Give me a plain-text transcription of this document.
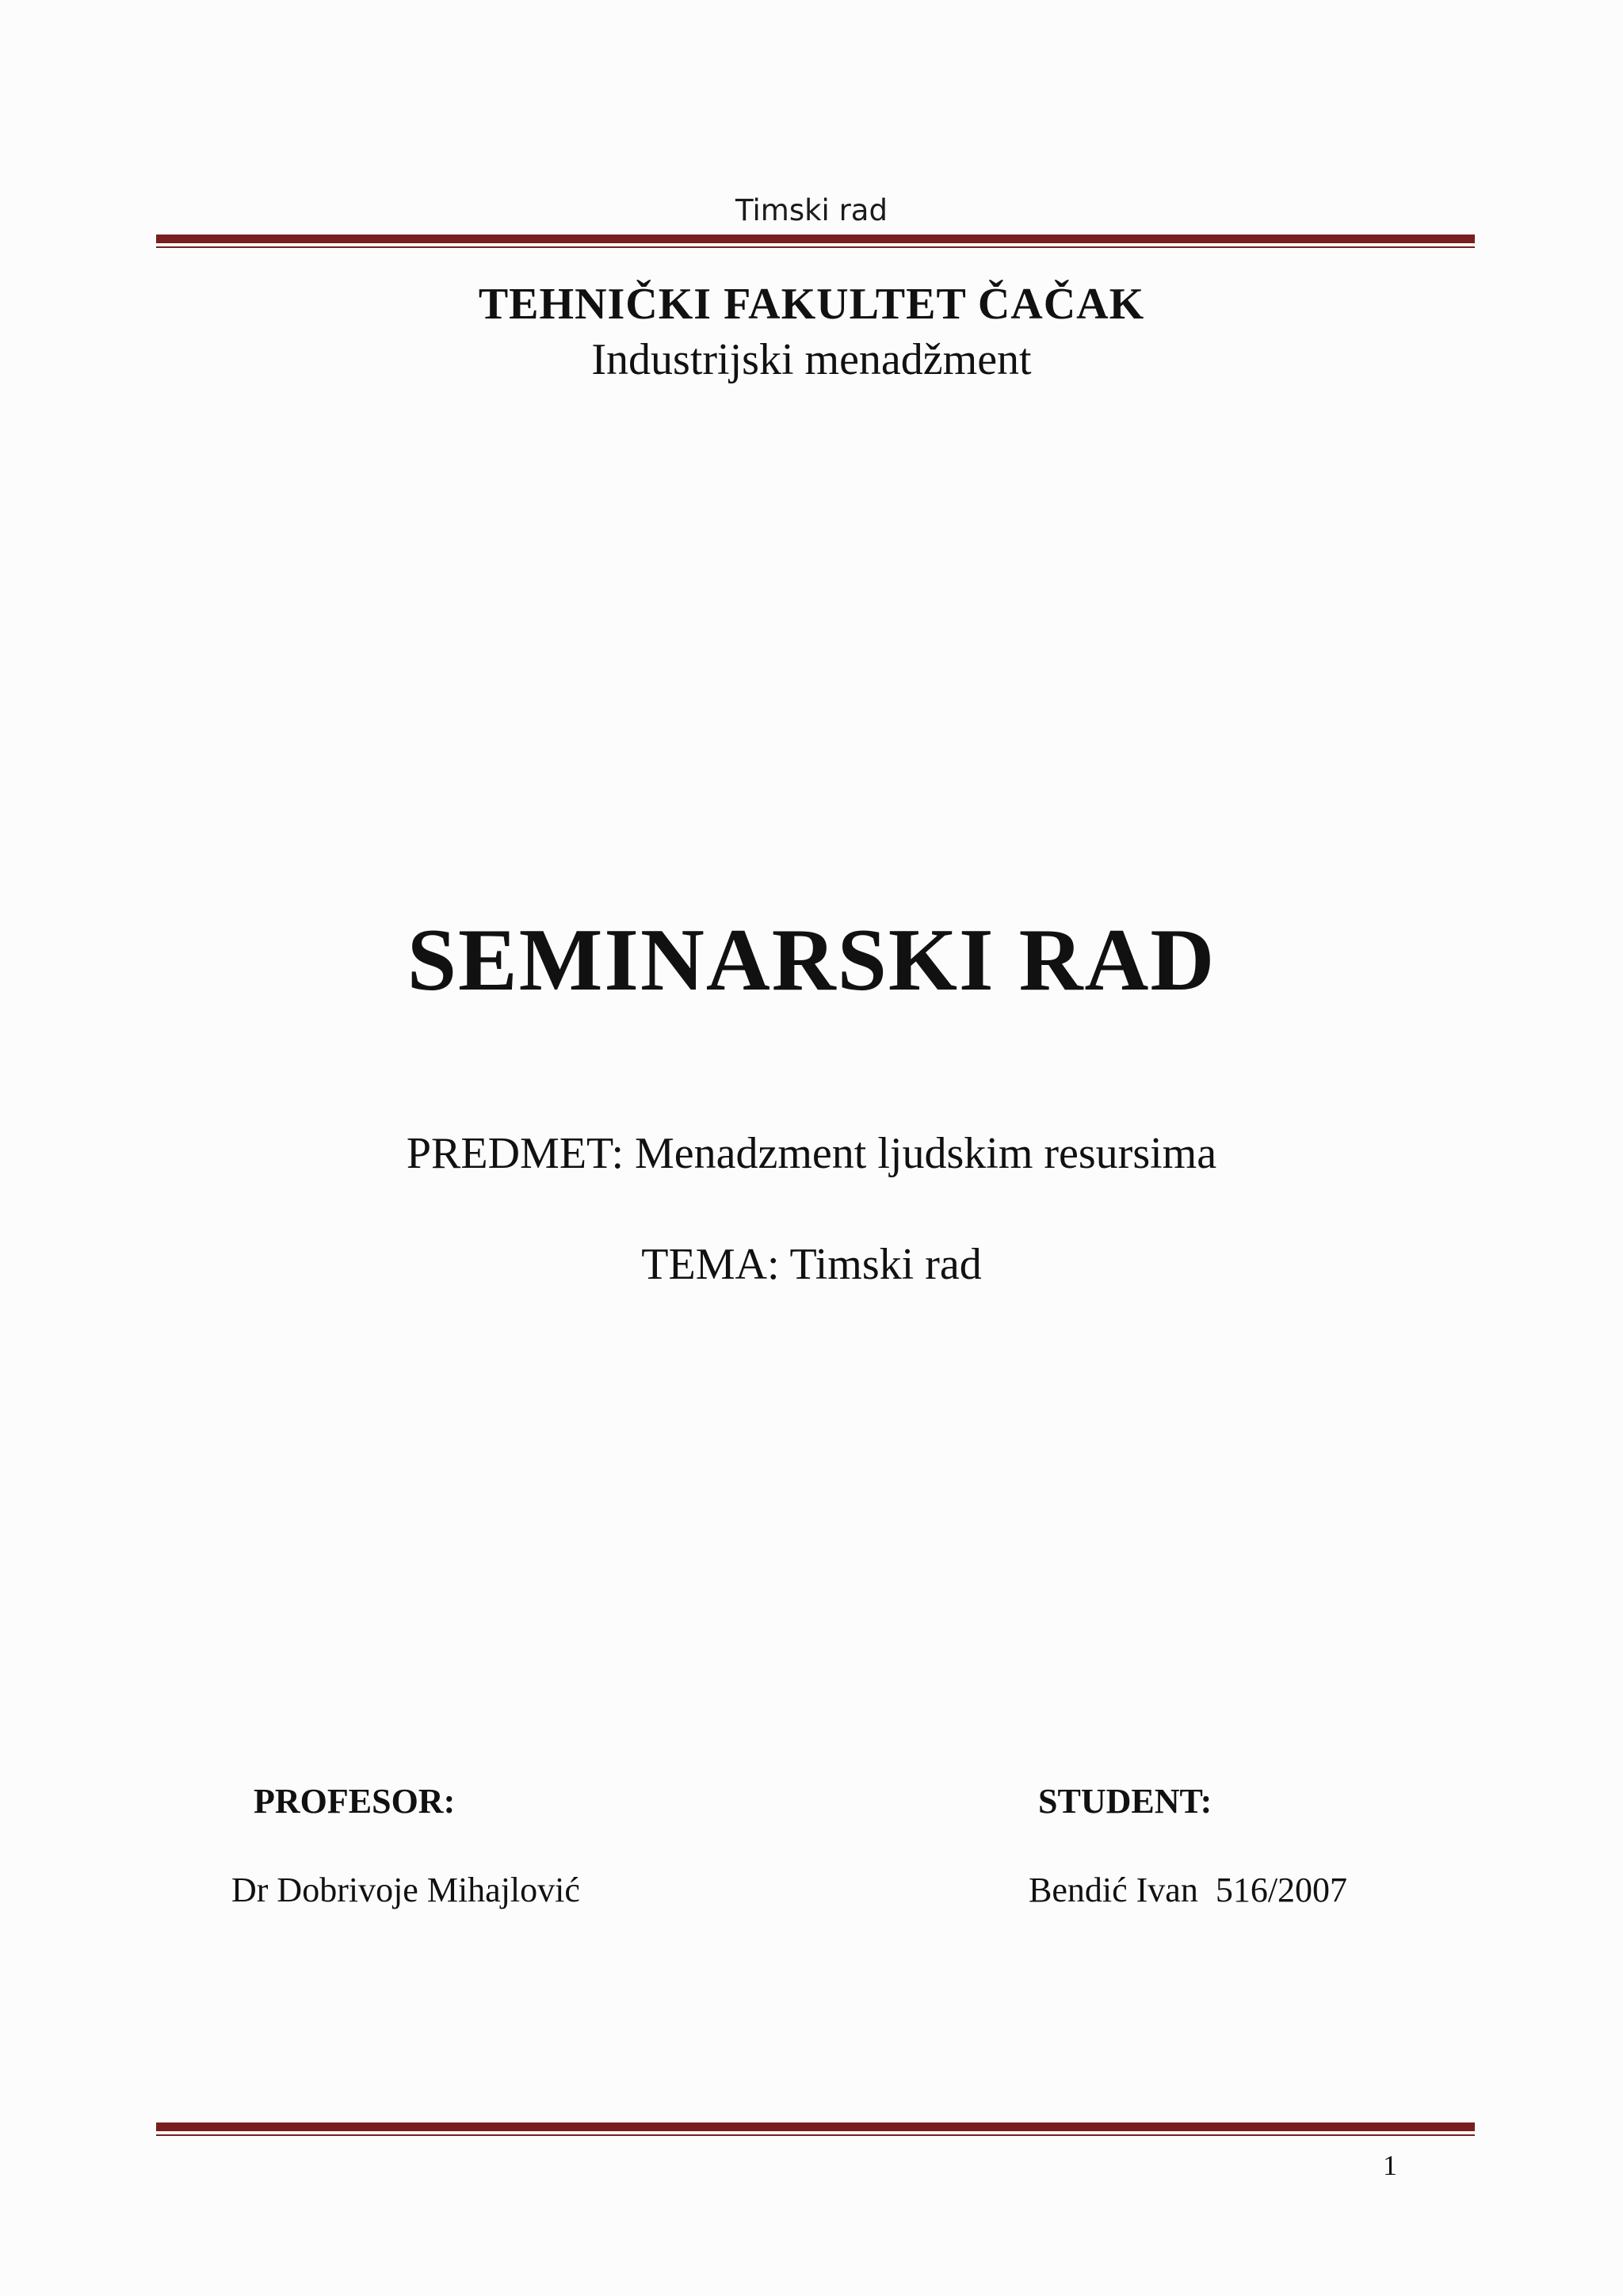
Timski rad
TEHNIČKI FAKULTET ČAČAK
Industrijski menadžment
SEMINARSKI RAD
PREDMET: Menadzment ljudskim resursima
TEMA: Timski rad
PROFESOR:
Dr Dobrivoje Mihajlović
STUDENT:
Bendić Ivan  516/2007
1
